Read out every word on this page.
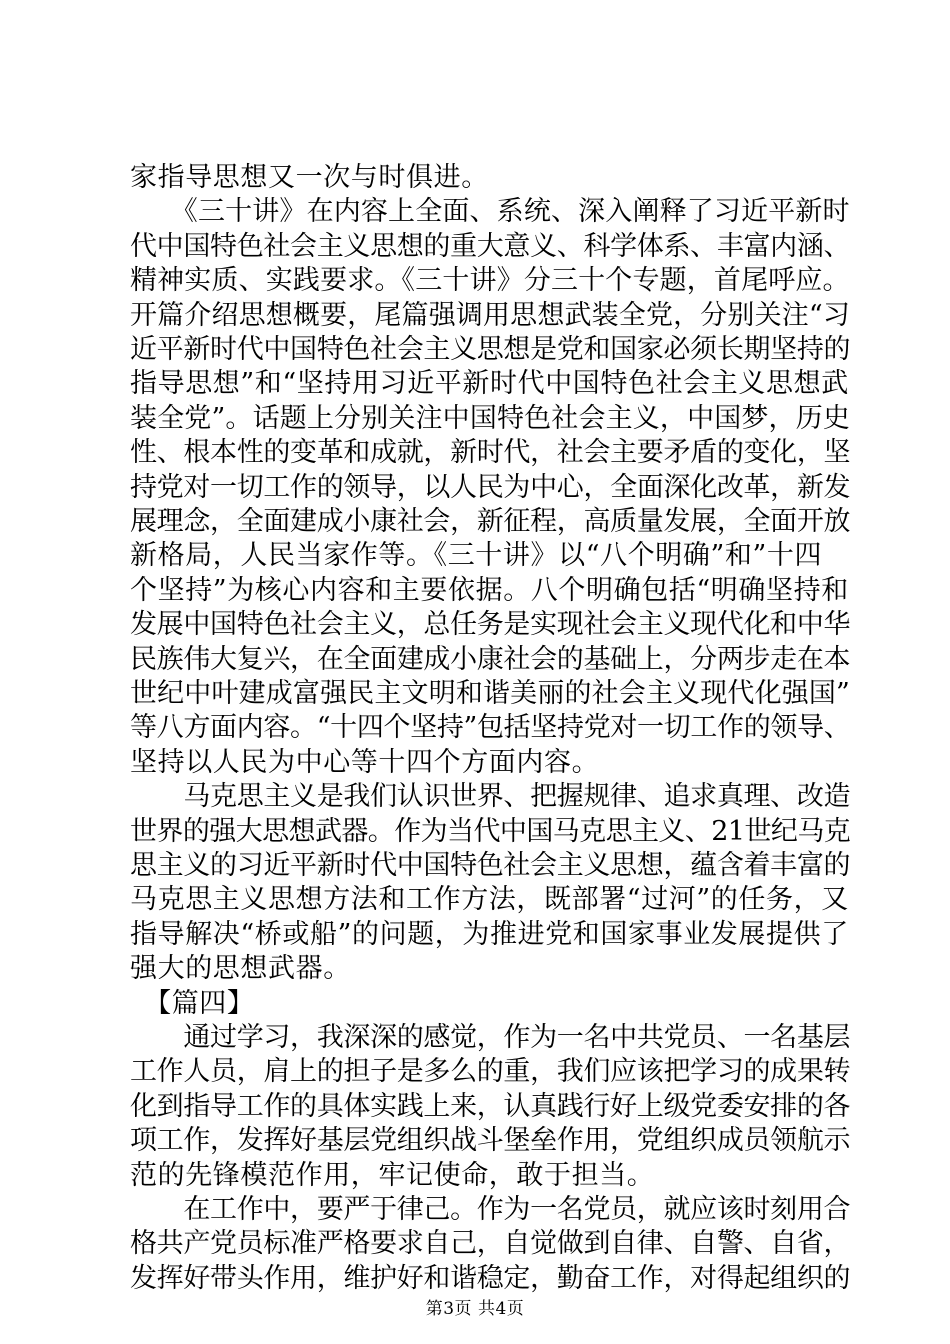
家指导思想又一次与时俱进。

　　《三十讲》在内容上全面、系统、深入阐释了习近平新时

代中国特色社会主义思想的重大意义、科学体系、丰富内涵、

精神实质、实践要求。《三十讲》分三十个专题，首尾呼应。

开篇介绍思想概要，尾篇强调用思想武装全党，分别关注“习

近平新时代中国特色社会主义思想是党和国家必须长期坚持的

指导思想”和“坚持用习近平新时代中国特色社会主义思想武

装全党”。话题上分别关注中国特色社会主义，中国梦，历史

性、根本性的变革和成就，新时代，社会主要矛盾的变化，坚

持党对一切工作的领导，以人民为中心，全面深化改革，新发

展理念，全面建成小康社会，新征程，高质量发展，全面开放

新格局，人民当家作等。《三十讲》以“八个明确”和”十四

个坚持”为核心内容和主要依据。八个明确包括“明确坚持和

发展中国特色社会主义，总任务是实现社会主义现代化和中华

民族伟大复兴，在全面建成小康社会的基础上，分两步走在本

世纪中叶建成富强民主文明和谐美丽的社会主义现代化强国”

等八方面内容。“十四个坚持”包括坚持党对一切工作的领导、

坚持以人民为中心等十四个方面内容。

　　马克思主义是我们认识世界、把握规律、追求真理、改造

世界的强大思想武器。作为当代中国马克思主义、21世纪马克

思主义的习近平新时代中国特色社会主义思想，蕴含着丰富的

马克思主义思想方法和工作方法，既部署“过河”的任务，又

指导解决“桥或船”的问题，为推进党和国家事业发展提供了

强大的思想武器。

　【篇四】

　　通过学习，我深深的感觉，作为一名中共党员、一名基层

工作人员，肩上的担子是多么的重，我们应该把学习的成果转

化到指导工作的具体实践上来，认真践行好上级党委安排的各

项工作，发挥好基层党组织战斗堡垒作用，党组织成员领航示

范的先锋模范作用，牢记使命，敢于担当。

　　在工作中，要严于律己。作为一名党员，就应该时刻用合

格共产党员标准严格要求自己，自觉做到自律、自警、自省，

发挥好带头作用，维护好和谐稳定，勤奋工作，对得起组织的

第3页 共4页
